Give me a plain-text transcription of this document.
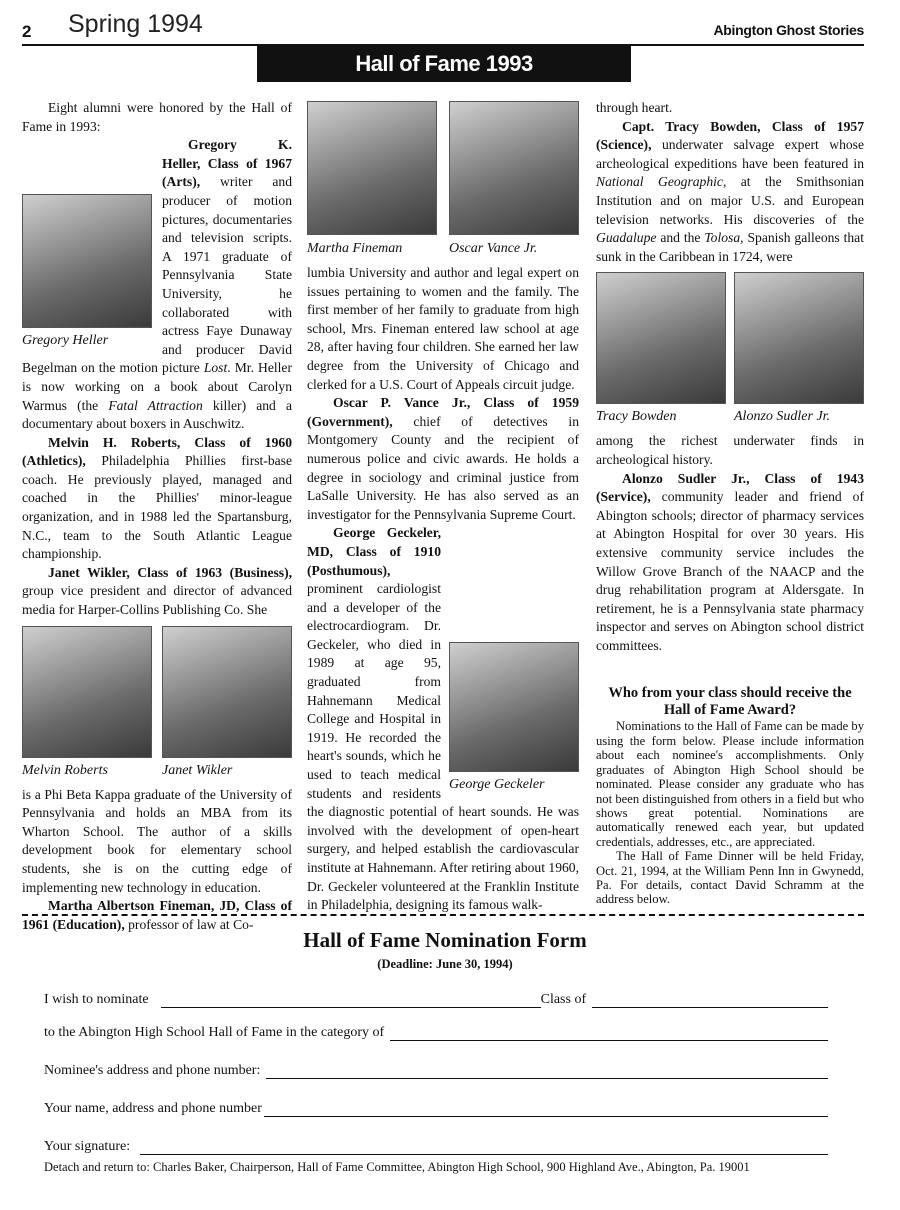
2 Spring 1994	Abington Ghost Stories
Hall of Fame 1993

Eight alumni were honored by the Hall of Fame in 1993:

Gregory Heller

Gregory K. Heller, Class of 1967 (Arts), writer and producer of motion pictures, documentaries and television scripts. A 1971 graduate of Pennsylvania State University, he collaborated with actress Faye Dunaway and producer David Begelman on the motion picture Lost. Mr. Heller is now working on a book about Carolyn Warmus (the Fatal Attraction killer) and a documentary about boxers in Auschwitz.

Melvin H. Roberts, Class of 1960 (Athletics), Philadelphia Phillies first-base coach. He previously played, managed and coached in the Phillies' minor-league organization, and in 1988 led the Spartansburg, N.C., team to the South Atlantic League championship.

Janet Wikler, Class of 1963 (Business), group vice president and director of advanced media for Harper-Collins Publishing Co. She

Melvin Roberts	Janet Wikler

is a Phi Beta Kappa graduate of the University of Pennsylvania and holds an MBA from its Wharton School. The author of a skills development book for elementary school students, she is on the cutting edge of implementing new technology in education.

Martha Albertson Fineman, JD, Class of 1961 (Education), professor of law at Co-

Martha Fineman	Oscar Vance Jr.

lumbia University and author and legal expert on issues pertaining to women and the family. The first member of her family to graduate from high school, Mrs. Fineman entered law school at age 28, after having four children. She earned her law degree from the University of Chicago and clerked for a U.S. Court of Appeals circuit judge.

Oscar P. Vance Jr., Class of 1959 (Government), chief of detectives in Montgomery County and the recipient of numerous police and civic awards. He holds a degree in sociology and criminal justice from LaSalle University. He has also served as an investigator for the Pennsylvania Supreme Court.

George Geckeler

George Geckeler, MD, Class of 1910 (Posthumous), prominent cardiologist and a developer of the electrocardiogram. Dr. Geckeler, who died in 1989 at age 95, graduated from Hahnemann Medical College and Hospital in 1919. He recorded the heart's sounds, which he used to teach medical students and residents the diagnostic potential of heart sounds. He was involved with the development of open-heart surgery, and helped establish the cardiovascular institute at Hahnemann. After retiring about 1960, Dr. Geckeler volunteered at the Franklin Institute in Philadelphia, designing its famous walk-

through heart.

Capt. Tracy Bowden, Class of 1957 (Science), underwater salvage expert whose archeological expeditions have been featured in National Geographic, at the Smithsonian Institution and on major U.S. and European television networks. His discoveries of the Guadalupe and the Tolosa, Spanish galleons that sunk in the Caribbean in 1724, were

Tracy Bowden	Alonzo Sudler Jr.

among the richest underwater finds in archeological history.

Alonzo Sudler Jr., Class of 1943 (Service), community leader and friend of Abington schools; director of pharmacy services at Abington Hospital for over 30 years. His extensive community service includes the Willow Grove Branch of the NAACP and the drug rehabilitation program at Aldersgate. In retirement, he is a Pennsylvania state pharmacy inspector and serves on Abington school district committees.

Who from your class should receive the Hall of Fame Award?

Nominations to the Hall of Fame can be made by using the form below. Please include information about each nominee's accomplishments. Only graduates of Abington High School should be nominated. Please consider any graduate who has not been distinguished from others in a field but who shows great potential. Nominations are automatically renewed each year, but updated credentials, addresses, etc., are appreciated.

The Hall of Fame Dinner will be held Friday, Oct. 21, 1994, at the William Penn Inn in Gwynedd, Pa. For details, contact David Schramm at the address below.

Hall of Fame Nomination Form
(Deadline: June 30, 1994)
I wish to nominate	Class of
to the Abington High School Hall of Fame in the category of
Nominee's address and phone number:
Your name, address and phone number
Your signature:
Detach and return to: Charles Baker, Chairperson, Hall of Fame Committee, Abington High School, 900 Highland Ave., Abington, Pa. 19001
